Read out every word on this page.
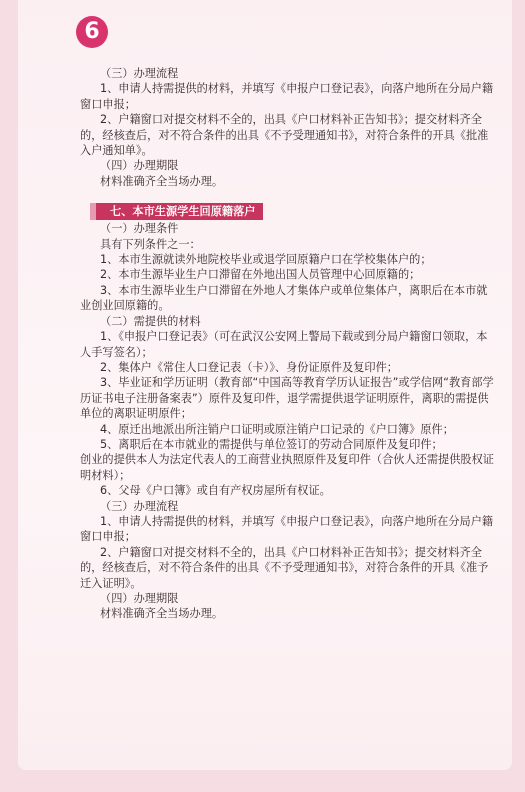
6

（三）办理流程

1、申请人持需提供的材料，并填写《申报户口登记表》，向落户地所在分局户籍窗口申报；

2、户籍窗口对提交材料不全的，出具《户口材料补正告知书》；提交材料齐全的，经核查后，对不符合条件的出具《不予受理通知书》，对符合条件的开具《批准入户通知单》。

（四）办理期限

材料准确齐全当场办理。

七、本市生源学生回原籍落户

（一）办理条件

具有下列条件之一：

1、本市生源就读外地院校毕业或退学回原籍户口在学校集体户的；

2、本市生源毕业生户口滞留在外地出国人员管理中心回原籍的；

3、本市生源毕业生户口滞留在外地人才集体户或单位集体户，离职后在本市就业创业回原籍的。

（二）需提供的材料

1、《申报户口登记表》（可在武汉公安网上警局下载或到分局户籍窗口领取，本人手写签名）；

2、集体户《常住人口登记表（卡）》、身份证原件及复印件；

3、毕业证和学历证明（教育部“中国高等教育学历认证报告”或学信网“教育部学历证书电子注册备案表”）原件及复印件，退学需提供退学证明原件，离职的需提供单位的离职证明原件；

4、原迁出地派出所注销户口证明或原注销户口记录的《户口簿》原件；

5、离职后在本市就业的需提供与单位签订的劳动合同原件及复印件；

创业的提供本人为法定代表人的工商营业执照原件及复印件（合伙人还需提供股权证明材料）；

6、父母《户口簿》或自有产权房屋所有权证。

（三）办理流程

1、申请人持需提供的材料，并填写《申报户口登记表》，向落户地所在分局户籍窗口申报；

2、户籍窗口对提交材料不全的，出具《户口材料补正告知书》；提交材料齐全的，经核查后，对不符合条件的出具《不予受理通知书》，对符合条件的开具《准予迁入证明》。

（四）办理期限

材料准确齐全当场办理。
